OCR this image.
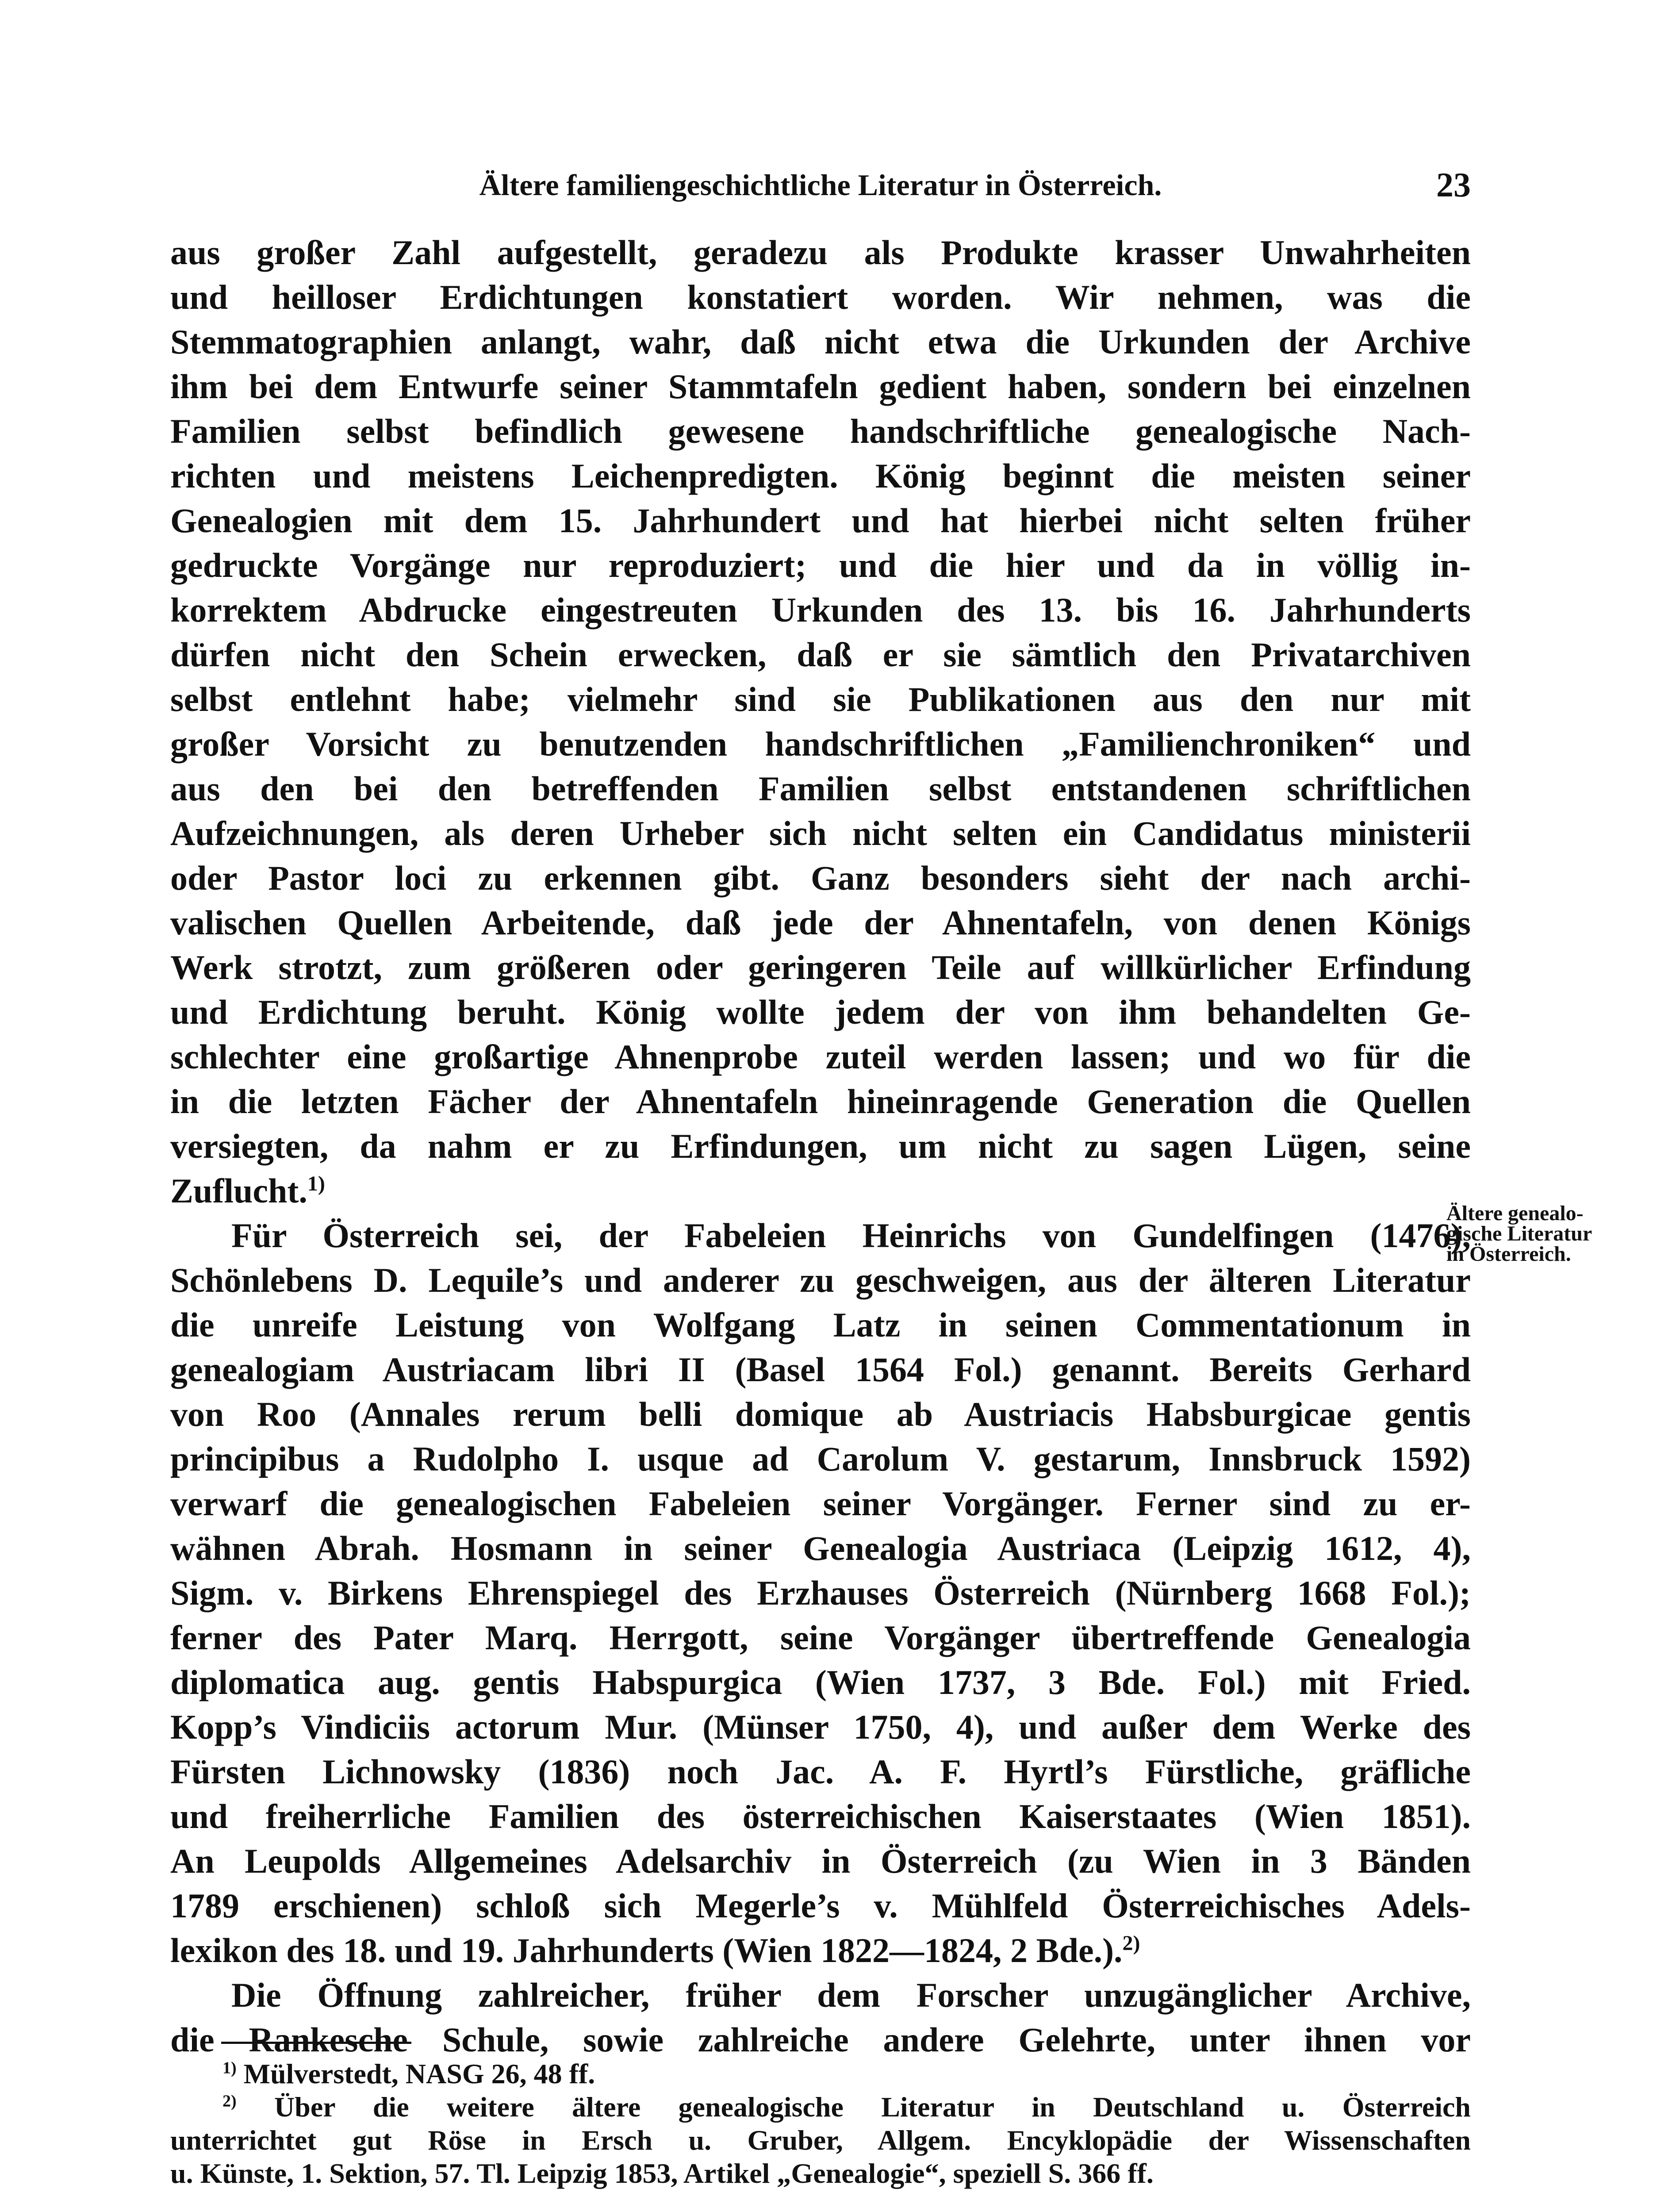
Ältere familiengeschichtliche Literatur in Österreich.	23
aus großer Zahl aufgestellt, geradezu als Produkte krasser Unwahrheiten
und heilloser Erdichtungen konstatiert worden. Wir nehmen, was die
Stemmatographien anlangt, wahr, daß nicht etwa die Urkunden der Archive
ihm bei dem Entwurfe seiner Stammtafeln gedient haben, sondern bei einzelnen
Familien selbst befindlich gewesene handschriftliche genealogische Nach-
richten und meistens Leichenpredigten. König beginnt die meisten seiner
Genealogien mit dem 15. Jahrhundert und hat hierbei nicht selten früher
gedruckte Vorgänge nur reproduziert; und die hier und da in völlig in-
korrektem Abdrucke eingestreuten Urkunden des 13. bis 16. Jahrhunderts
dürfen nicht den Schein erwecken, daß er sie sämtlich den Privatarchiven
selbst entlehnt habe; vielmehr sind sie Publikationen aus den nur mit
großer Vorsicht zu benutzenden handschriftlichen „Familienchroniken“ und
aus den bei den betreffenden Familien selbst entstandenen schriftlichen
Aufzeichnungen, als deren Urheber sich nicht selten ein Candidatus ministerii
oder Pastor loci zu erkennen gibt. Ganz besonders sieht der nach archi-
valischen Quellen Arbeitende, daß jede der Ahnentafeln, von denen Königs
Werk strotzt, zum größeren oder geringeren Teile auf willkürlicher Erfindung
und Erdichtung beruht. König wollte jedem der von ihm behandelten Ge-
schlechter eine großartige Ahnenprobe zuteil werden lassen; und wo für die
in die letzten Fächer der Ahnentafeln hineinragende Generation die Quellen
versiegten, da nahm er zu Erfindungen, um nicht zu sagen Lügen, seine
Zuflucht.$^{1)}$
Für Österreich sei, der Fabeleien Heinrichs von Gundelfingen (1476),
Schönlebens D. Lequile’s und anderer zu geschweigen, aus der älteren Literatur
die unreife Leistung von Wolfgang Latz in seinen Commentationum in
genealogiam Austriacam libri II (Basel 1564 Fol.) genannt. Bereits Gerhard
von Roo (Annales rerum belli domique ab Austriacis Habsburgicae gentis
principibus a Rudolpho I. usque ad Carolum V. gestarum, Innsbruck 1592)
verwarf die genealogischen Fabeleien seiner Vorgänger. Ferner sind zu er-
wähnen Abrah. Hosmann in seiner Genealogia Austriaca (Leipzig 1612, 4),
Sigm. v. Birkens Ehrenspiegel des Erzhauses Österreich (Nürnberg 1668 Fol.);
ferner des Pater Marq. Herrgott, seine Vorgänger übertreffende Genealogia
diplomatica aug. gentis Habspurgica (Wien 1737, 3 Bde. Fol.) mit Fried.
Kopp’s Vindiciis actorum Mur. (Münser 1750, 4), und außer dem Werke des
Fürsten Lichnowsky (1836) noch Jac. A. F. Hyrtl’s Fürstliche, gräfliche
und freiherrliche Familien des österreichischen Kaiserstaates (Wien 1851).
An Leupolds Allgemeines Adelsarchiv in Österreich (zu Wien in 3 Bänden
1789 erschienen) schloß sich Megerle’s v. Mühlfeld Österreichisches Adels-
lexikon des 18. und 19. Jahrhunderts (Wien 1822—1824, 2 Bde.).$^{2)}$
Die Öffnung zahlreicher, früher dem Forscher unzugänglicher Archive,
die Rankesche Schule, sowie zahlreiche andere Gelehrte, unter ihnen vor
Ältere genealo-
gische Literatur
in Österreich.
$^{1)}$ Mülverstedt, NASG 26, 48 ff.
$^{2)}$ Über die weitere ältere genealogische Literatur in Deutschland u. Österreich
unterrichtet gut Röse in Ersch u. Gruber, Allgem. Encyklopädie der Wissenschaften
u. Künste, 1. Sektion, 57. Tl. Leipzig 1853, Artikel „Genealogie“, speziell S. 366 ff.
